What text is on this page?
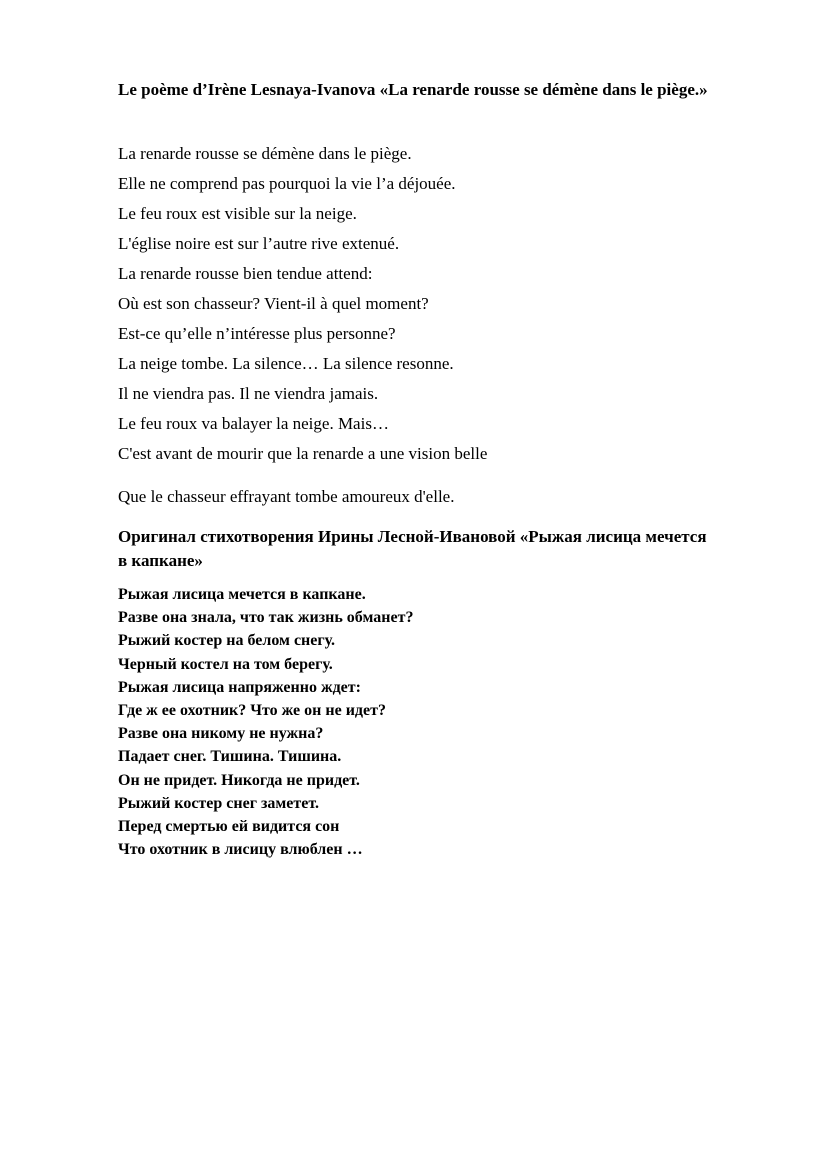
Le poème d’Irène Lesnaya-Ivanova «La renarde rousse se démène dans le piège.»

La renarde rousse se démène dans le piège.
Elle ne comprend pas pourquoi la vie l’a déjouée.
Le feu roux est visible sur la neige.
L'église noire est sur l’autre rive extenué.
La renarde rousse bien tendue attend:
Où est son chasseur? Vient-il à quel moment?
Est-ce qu’elle n’intéresse plus personne?
La neige tombe. La silence… La silence resonne.
Il ne viendra pas. Il ne viendra jamais.
Le feu roux va balayer la neige. Mais…
C'est avant de mourir que la renarde a une vision belle

Que le chasseur effrayant tombe amoureux d'elle.

Оригинал стихотворения Ирины Лесной-Ивановой «Рыжая лисица мечется в капкане»

Рыжая лисица мечется в капкане.
Разве она знала, что так жизнь обманет?
Рыжий костер на белом снегу.
Черный костел на том берегу.
Рыжая лисица напряженно ждет:
Где ж ее охотник? Что же он не идет?
Разве она никому не нужна?
Падает снег. Тишина. Тишина.
Он не придет. Никогда не придет.
Рыжий костер снег заметет.
Перед смертью ей видится сон
Что охотник в лисицу влюблен …
